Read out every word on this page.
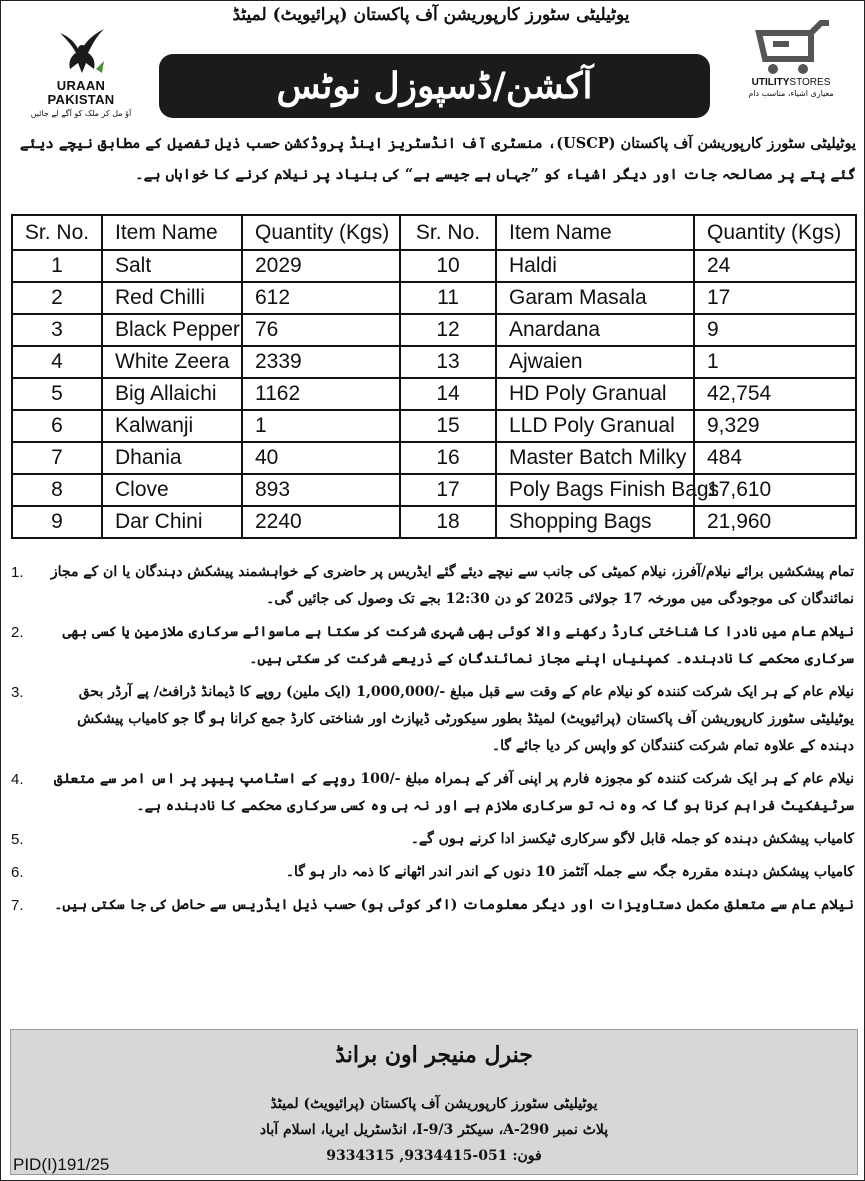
URAAN PAKISTAN
آؤ مل کر ملک کو آگے لے جائیں
یوٹیلیٹی سٹورز کارپوریشن آف پاکستان (پرائیویٹ) لمیٹڈ
آکشن/ڈسپوزل نوٹس	UTILITYSTORES
معیاری اشیاء، مناسب دام
یوٹیلیٹی سٹورز کارپوریشن آف پاکستان (USCP)، منسٹری آف انڈسٹریز اینڈ پروڈکشن حسب ذیل تفصیل کے مطابق نیچے دیئے گئے پتے پر مصالحہ جات اور دیگر اشیاء کو ”جہاں ہے جیسے ہے“ کی بنیاد پر نیلام کرنے کا خواہاں ہے۔
Sr. No.	Item Name	Quantity (Kgs)	Sr. No.	Item Name	Quantity (Kgs)
1	Salt	2029	10	Haldi	24
2	Red Chilli	612	11	Garam Masala	17
3	Black Pepper	76	12	Anardana	9
4	White Zeera	2339	13	Ajwaien	1
5	Big Allaichi	1162	14	HD Poly Granual	42,754
6	Kalwanji	1	15	LLD Poly Granual	9,329
7	Dhania	40	16	Master Batch Milky	484
8	Clove	893	17	Poly Bags Finish Bags	17,610
9	Dar Chini	2240	18	Shopping Bags	21,960
تمام پیشکشیں برائے نیلام/آفرز، نیلام کمیٹی کی جانب سے نیچے دیئے گئے ایڈریس پر حاضری کے خواہشمند پیشکش دہندگان یا ان کے مجاز نمائندگان کی موجودگی میں مورخہ 17 جولائی 2025 کو دن 12:30 بجے تک وصول کی جائیں گی۔
1.
نیلام عام میں نادرا کا شناختی کارڈ رکھنے والا کوئی بھی شہری شرکت کر سکتا ہے ماسوائے سرکاری ملازمین یا کسی بھی سرکاری محکمے کا نادہندہ۔ کمپنیاں اپنے مجاز نمائندگان کے ذریعے شرکت کر سکتی ہیں۔
2.
نیلام عام کے ہر ایک شرکت کنندہ کو نیلام عام کے وقت سے قبل مبلغ -/1,000,000 (ایک ملین) روپے کا ڈیمانڈ ڈرافٹ/ پے آرڈر بحق یوٹیلیٹی سٹورز کارپوریشن آف پاکستان (پرائیویٹ) لمیٹڈ بطور سیکورٹی ڈیپازٹ اور شناختی کارڈ جمع کرانا ہو گا جو کامیاب پیشکش دہندہ کے علاوہ تمام شرکت کنندگان کو واپس کر دیا جائے گا۔
3.
نیلام عام کے ہر ایک شرکت کنندہ کو مجوزہ فارم پر اپنی آفر کے ہمراہ مبلغ -/100 روپے کے اسٹامپ پیپر پر اس امر سے متعلق سرٹیفکیٹ فراہم کرنا ہو گا کہ وہ نہ تو سرکاری ملازم ہے اور نہ ہی وہ کسی سرکاری محکمے کا نادہندہ ہے۔
4.
کامیاب پیشکش دہندہ کو جملہ قابل لاگو سرکاری ٹیکسز ادا کرنے ہوں گے۔
5.
کامیاب پیشکش دہندہ مقررہ جگہ سے جملہ آئٹمز 10 دنوں کے اندر اندر اٹھانے کا ذمہ دار ہو گا۔
6.
نیلام عام سے متعلق مکمل دستاویزات اور دیگر معلومات (اگر کوئی ہو) حسب ذیل ایڈریس سے حاصل کی جا سکتی ہیں۔
7.
جنرل منیجر اون برانڈ
یوٹیلیٹی سٹورز کارپوریشن آف پاکستان (پرائیویٹ) لمیٹڈ
پلاٹ نمبر A-290، سیکٹر I-9/3، انڈسٹریل ایریا، اسلام آباد
فون: 051-9334415, 9334315
PID(I)191/25
